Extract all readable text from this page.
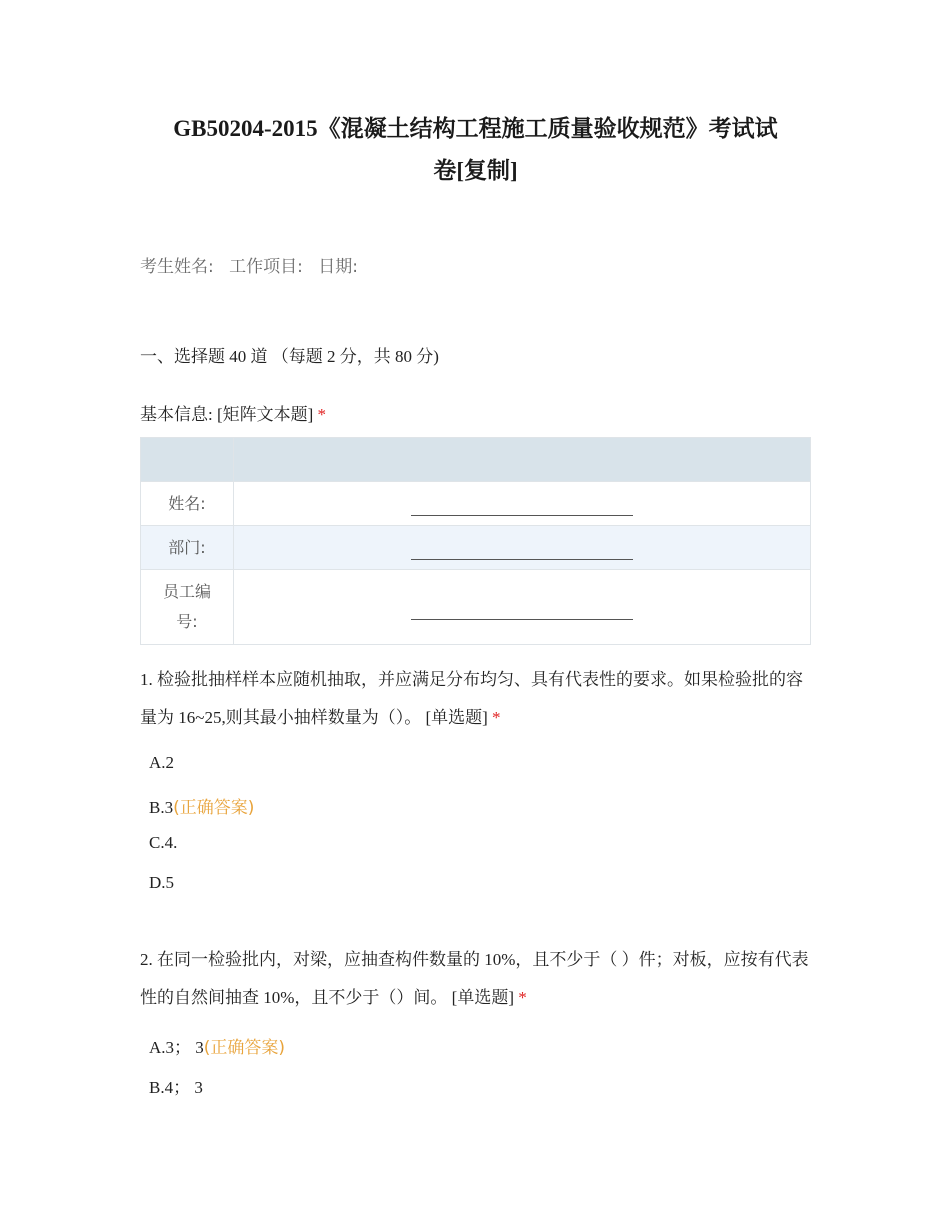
GB50204-2015《混凝土结构工程施工质量验收规范》考试试
卷[复制]
考生姓名: 工作项目: 日期:
一、选择题 40 道 （每题 2 分，共 80 分)
基本信息: [矩阵文本题] *

姓名:	

部门:	

员工编
号:	

1. 检验批抽样样本应随机抽取，并应满足分布均匀、具有代表性的要求。如果检验批的容量为 16~25,则其最小抽样数量为（）。 [单选题] *
A.2
B.3(正确答案)
C.4.
D.5
2. 在同一检验批内，对梁，应抽查构件数量的 10%，且不少于（ ）件；对板，应按有代表性的自然间抽查 10%，且不少于（）间。 [单选题] *
A.3； 3(正确答案)
B.4； 3
